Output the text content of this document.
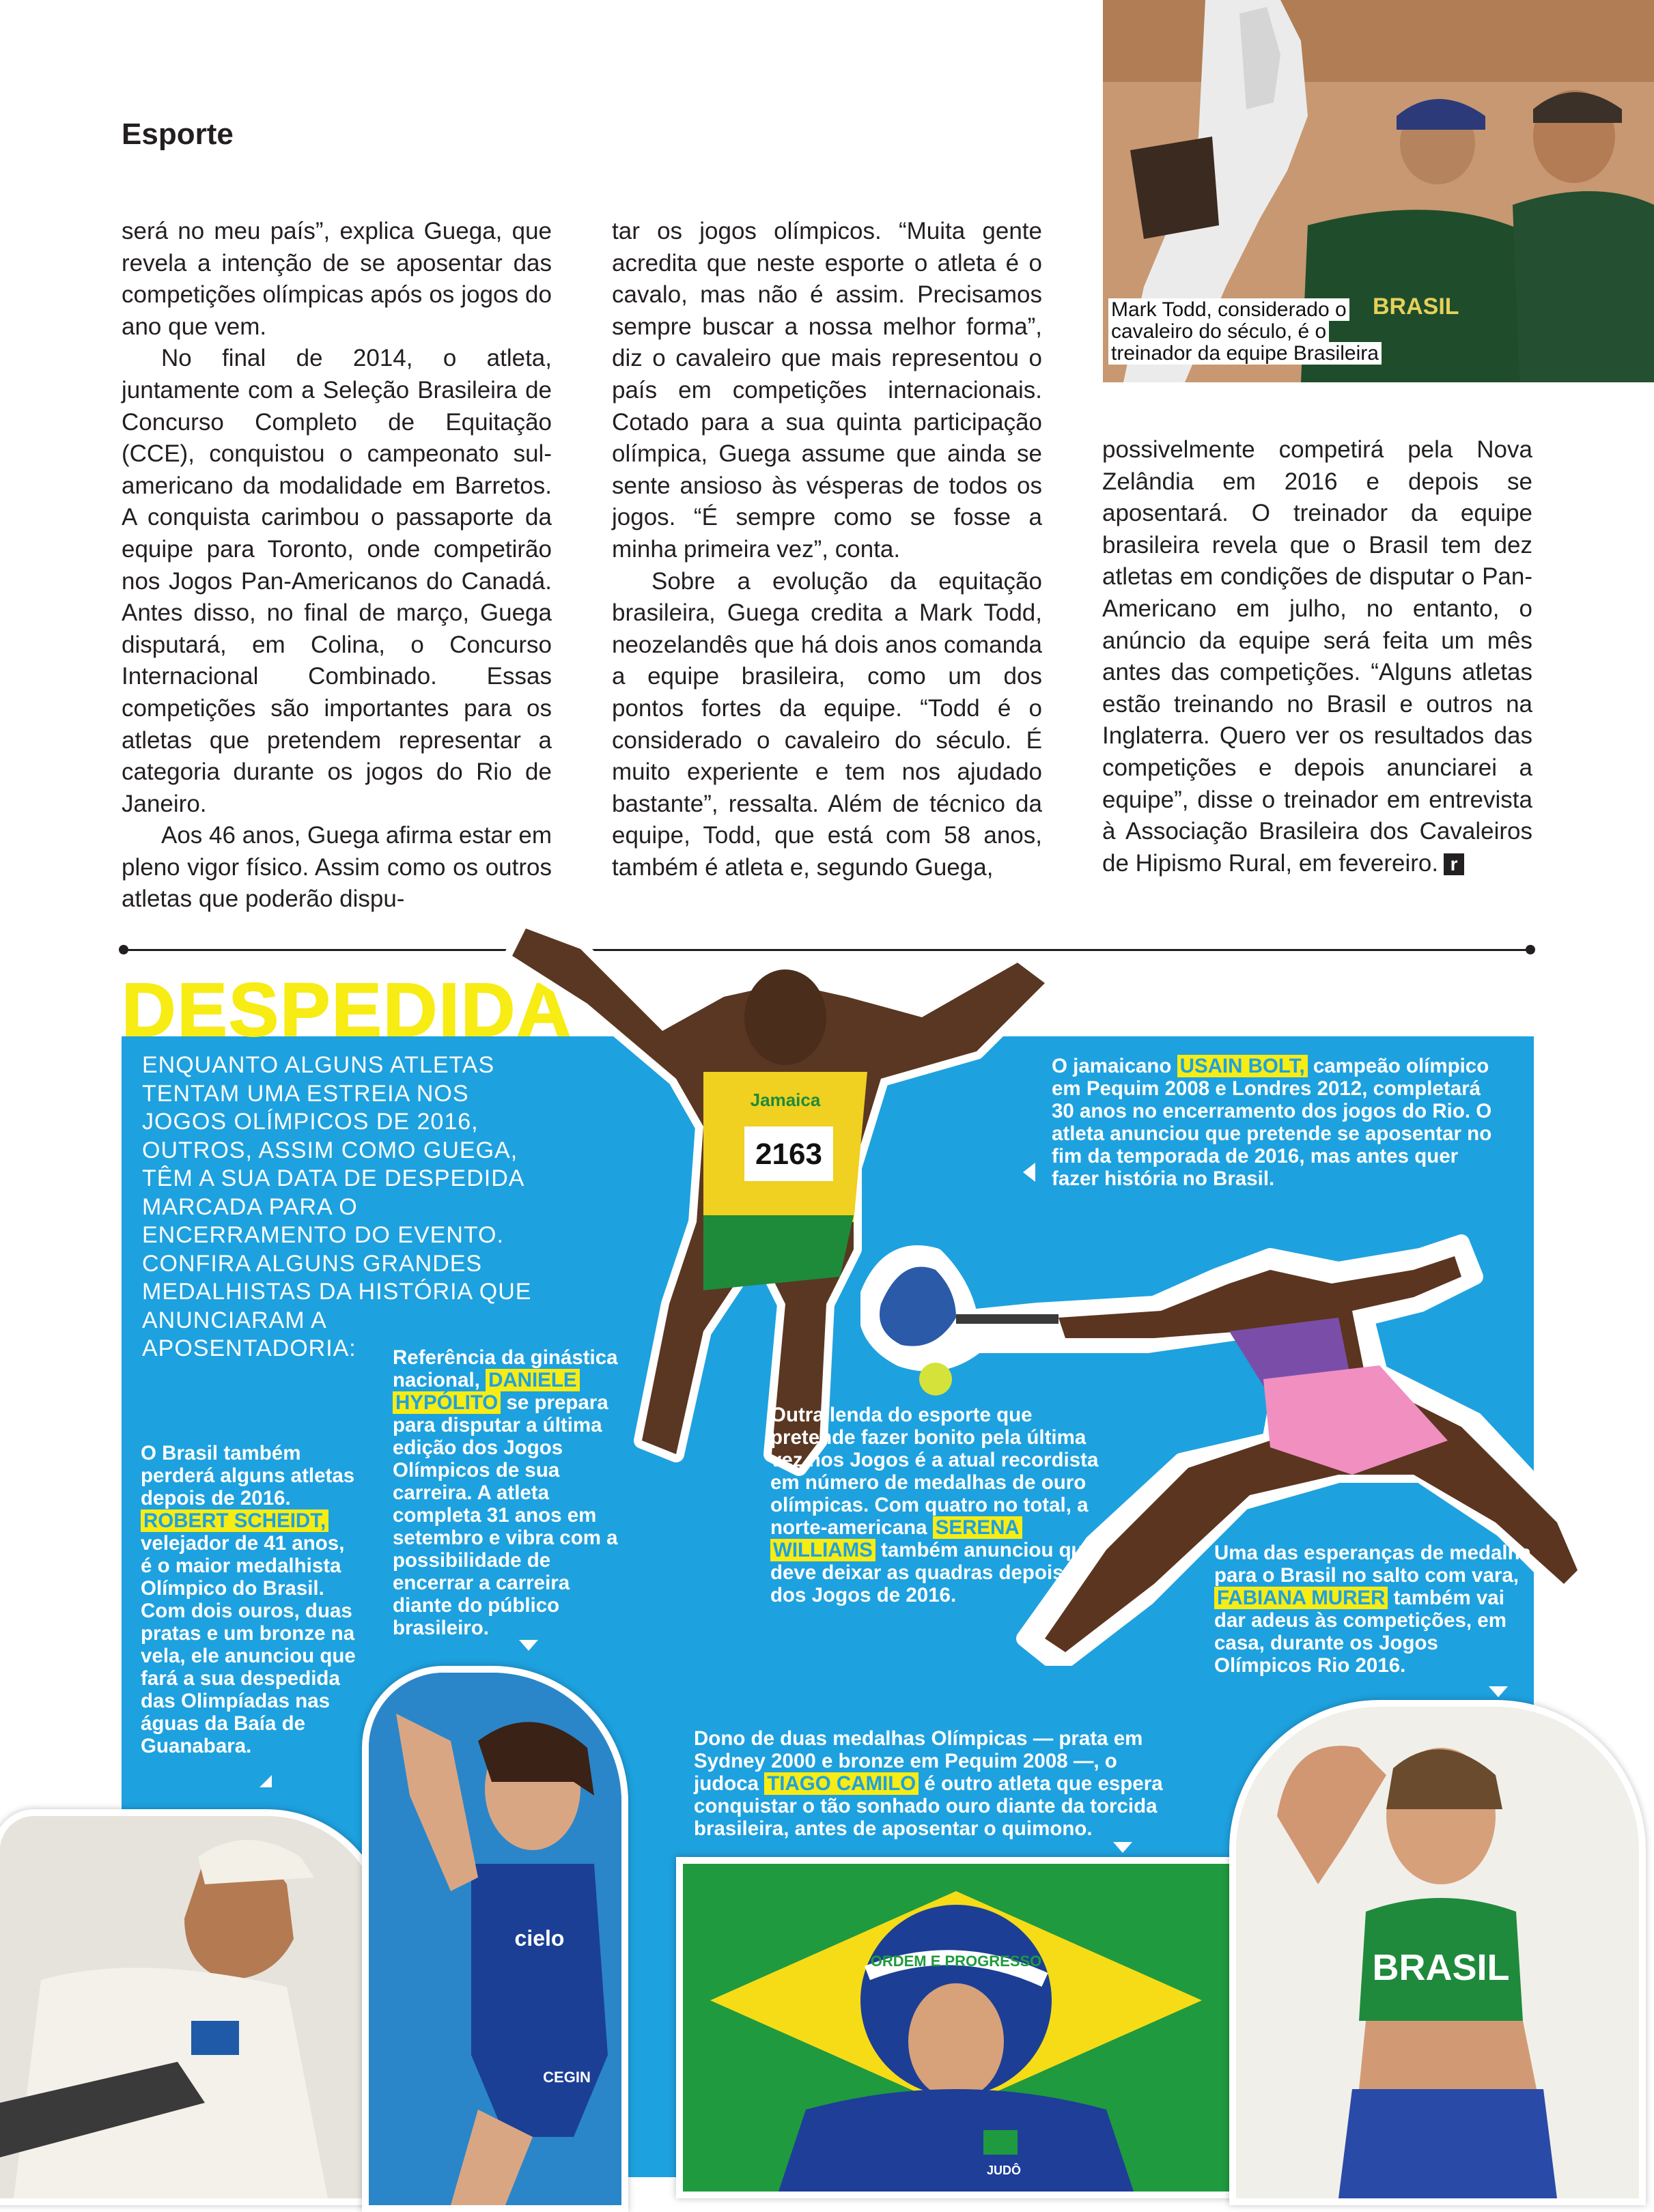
Esporte

será no meu país”, explica Guega, que revela a intenção de se aposentar das competições olímpicas após os jogos do ano que vem.

No final de 2014, o atleta, juntamente com a Seleção Brasileira de Concurso Completo de Equitação (CCE), conquistou o campeonato sul-americano da modalidade em Barretos. A conquista carimbou o passaporte da equipe para Toronto, onde competirão nos Jogos Pan-Americanos do Canadá. Antes disso, no final de março, Guega disputará, em Colina, o Concurso Internacional Combinado. Essas competições são importantes para os atletas que pretendem representar a categoria durante os jogos do Rio de Janeiro.

Aos 46 anos, Guega afirma estar em pleno vigor físico. Assim como os outros atletas que poderão dispu-

tar os jogos olímpicos. “Muita gente acredita que neste esporte o atleta é o cavalo, mas não é assim. Precisamos sempre buscar a nossa melhor forma”, diz o cavaleiro que mais representou o país em competições internacionais. Cotado para a sua quinta participação olímpica, Guega assume que ainda se sente ansioso às vésperas de todos os jogos. “É sempre como se fosse a minha primeira vez”, conta.

Sobre a evolução da equitação brasileira, Guega credita a Mark Todd, neozelandês que há dois anos comanda a equipe brasileira, como um dos pontos fortes da equipe. “Todd é o considerado o cavaleiro do século. É muito experiente e tem nos ajudado bastante”, ressalta. Além de técnico da equipe, Todd, que está com 58 anos, também é atleta e, segundo Guega,

possivelmente competirá pela Nova Zelândia em 2016 e depois se aposentará. O treinador da equipe brasileira revela que o Brasil tem dez atletas em condições de disputar o Pan-Americano em julho, no entanto, o anúncio da equipe será feita um mês antes das competições. “Alguns atletas estão treinando no Brasil e outros na Inglaterra. Quero ver os resultados das competições e depois anunciarei a equipe”, disse o treinador em entrevista à Associação Brasileira dos Cavaleiros de Hipismo Rural, em fevereiro. r

BRASIL
Mark Todd, considerado o cavaleiro do século, é o treinador da equipe Brasileira
DESPEDIDA
ENQUANTO ALGUNS ATLETAS TENTAM UMA ESTREIA NOS JOGOS OLÍMPICOS DE 2016, OUTROS, ASSIM COMO GUEGA, TÊM A SUA DATA DE DESPEDIDA MARCADA PARA O ENCERRAMENTO DO EVENTO. CONFIRA ALGUNS GRANDES MEDALHISTAS DA HISTÓRIA QUE ANUNCIARAM A APOSENTADORIA:
2163
Jamaica
O jamaicano USAIN BOLT, campeão olímpico em Pequim 2008 e Londres 2012, completará 30 anos no encerramento dos jogos do Rio. O atleta anunciou que pretende se aposentar no fim da temporada de 2016, mas antes quer fazer história no Brasil.
Referência da ginástica nacional, DANIELE HYPÓLITO se prepara para disputar a última edição dos Jogos Olímpicos de sua carreira. A atleta completa 31 anos em setembro e vibra com a possibilidade de encerrar a carreira diante do público brasileiro.
O Brasil também perderá alguns atletas depois de 2016. ROBERT SCHEIDT, velejador de 41 anos, é o maior medalhista Olímpico do Brasil. Com dois ouros, duas pratas e um bronze na vela, ele anunciou que fará a sua despedida das Olimpíadas nas águas da Baía de Guanabara.
Outra lenda do esporte que pretende fazer bonito pela última vez nos Jogos é a atual recordista em número de medalhas de ouro olímpicas. Com quatro no total, a norte-americana SERENA WILLIAMS também anunciou que deve deixar as quadras depois dos Jogos de 2016.
Uma das esperanças de medalha para o Brasil no salto com vara, FABIANA MURER também vai dar adeus às competições, em casa, durante os Jogos Olímpicos Rio 2016.
Dono de duas medalhas Olímpicas — prata em Sydney 2000 e bronze em Pequim 2008 —, o judoca TIAGO CAMILO é outro atleta que espera conquistar o tão sonhado ouro diante da torcida brasileira, antes de aposentar o quimono.
cielo
CEGIN
ORDEM E PROGRESSO
JUDÔ
BRASIL
